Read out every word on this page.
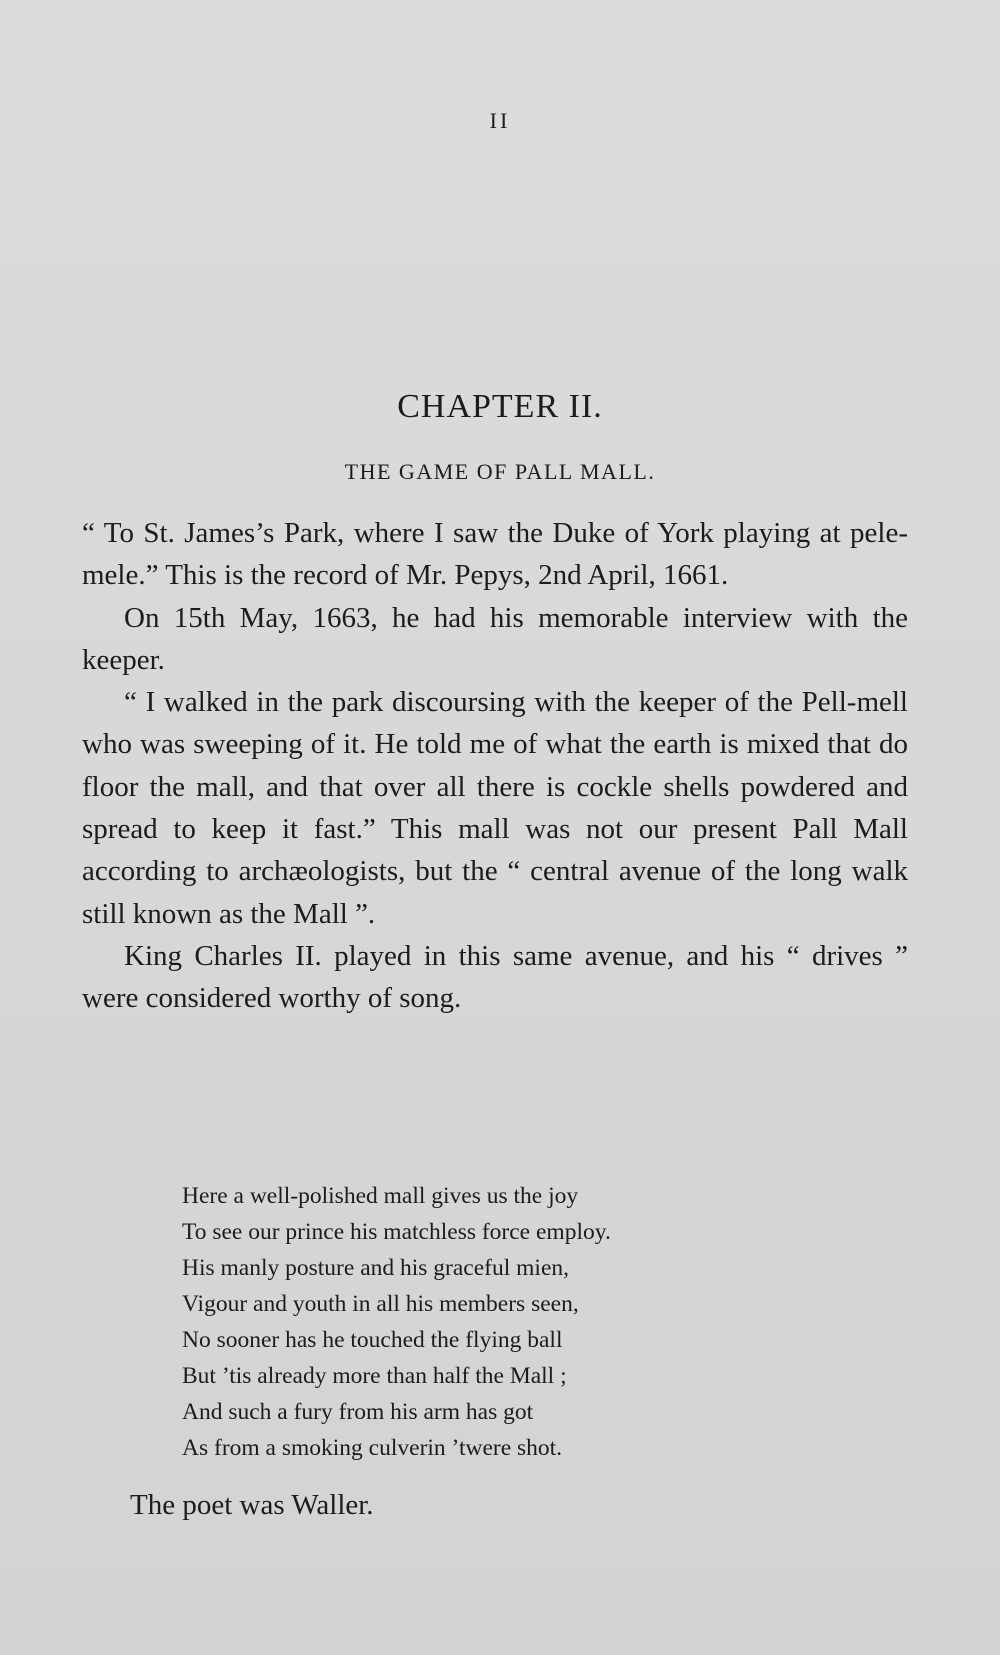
II
CHAPTER II.
THE GAME OF PALL MALL.

“ To St. James’s Park, where I saw the Duke of York playing at pele-mele.” This is the record of Mr. Pepys, 2nd April, 1661.

On 15th May, 1663, he had his memorable interview with the keeper.

“ I walked in the park discoursing with the keeper of the Pell-mell who was sweeping of it. He told me of what the earth is mixed that do floor the mall, and that over all there is cockle shells powdered and spread to keep it fast.” This mall was not our present Pall Mall according to archæologists, but the “ central avenue of the long walk still known as the Mall ”.

King Charles II. played in this same avenue, and his “ drives ” were considered worthy of song.

Here a well-polished mall gives us the joy
To see our prince his matchless force employ.
His manly posture and his graceful mien,
Vigour and youth in all his members seen,
No sooner has he touched the flying ball
But ’tis already more than half the Mall ;
And such a fury from his arm has got
As from a smoking culverin ’twere shot.

The poet was Waller.
